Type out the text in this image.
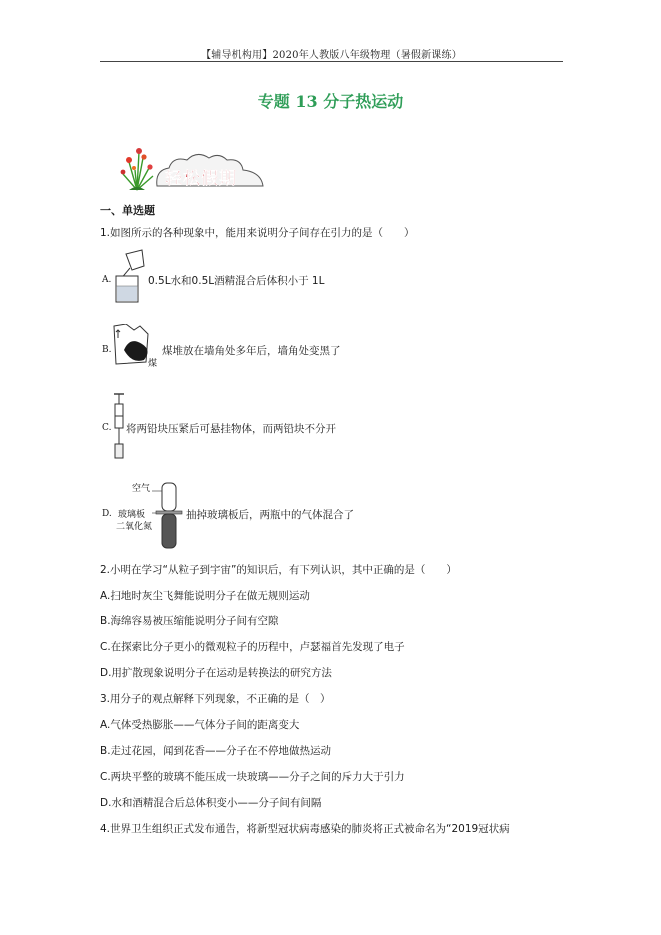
【辅导机构用】2020年人教版八年级物理（暑假新课练）
专题 13 分子热运动
轻松假期
一、单选题
1.如图所示的各种现象中，能用来说明分子间存在引力的是（　　）
A.	0.5L水和0.5L酒精混合后体积小于 1L
B.
煤
煤堆放在墙角处多年后，墙角处变黑了
C. 将两铅块压紧后可悬挂物体，而两铅块不分开
D.
空气
玻璃板
二氧化氮
抽掉玻璃板后，两瓶中的气体混合了
2.小明在学习“从粒子到宇宙”的知识后，有下列认识，其中正确的是（　　）
A.扫地时灰尘飞舞能说明分子在做无规则运动
B.海绵容易被压缩能说明分子间有空隙
C.在探索比分子更小的微观粒子的历程中，卢瑟福首先发现了电子
D.用扩散现象说明分子在运动是转换法的研究方法
3.用分子的观点解释下列现象，不正确的是（　）
A.气体受热膨胀——气体分子间的距离变大
B.走过花园，闻到花香——分子在不停地做热运动
C.两块平整的玻璃不能压成一块玻璃——分子之间的斥力大于引力
D.水和酒精混合后总体积变小——分子间有间隔
4.世界卫生组织正式发布通告，将新型冠状病毒感染的肺炎将正式被命名为“2019冠状病
